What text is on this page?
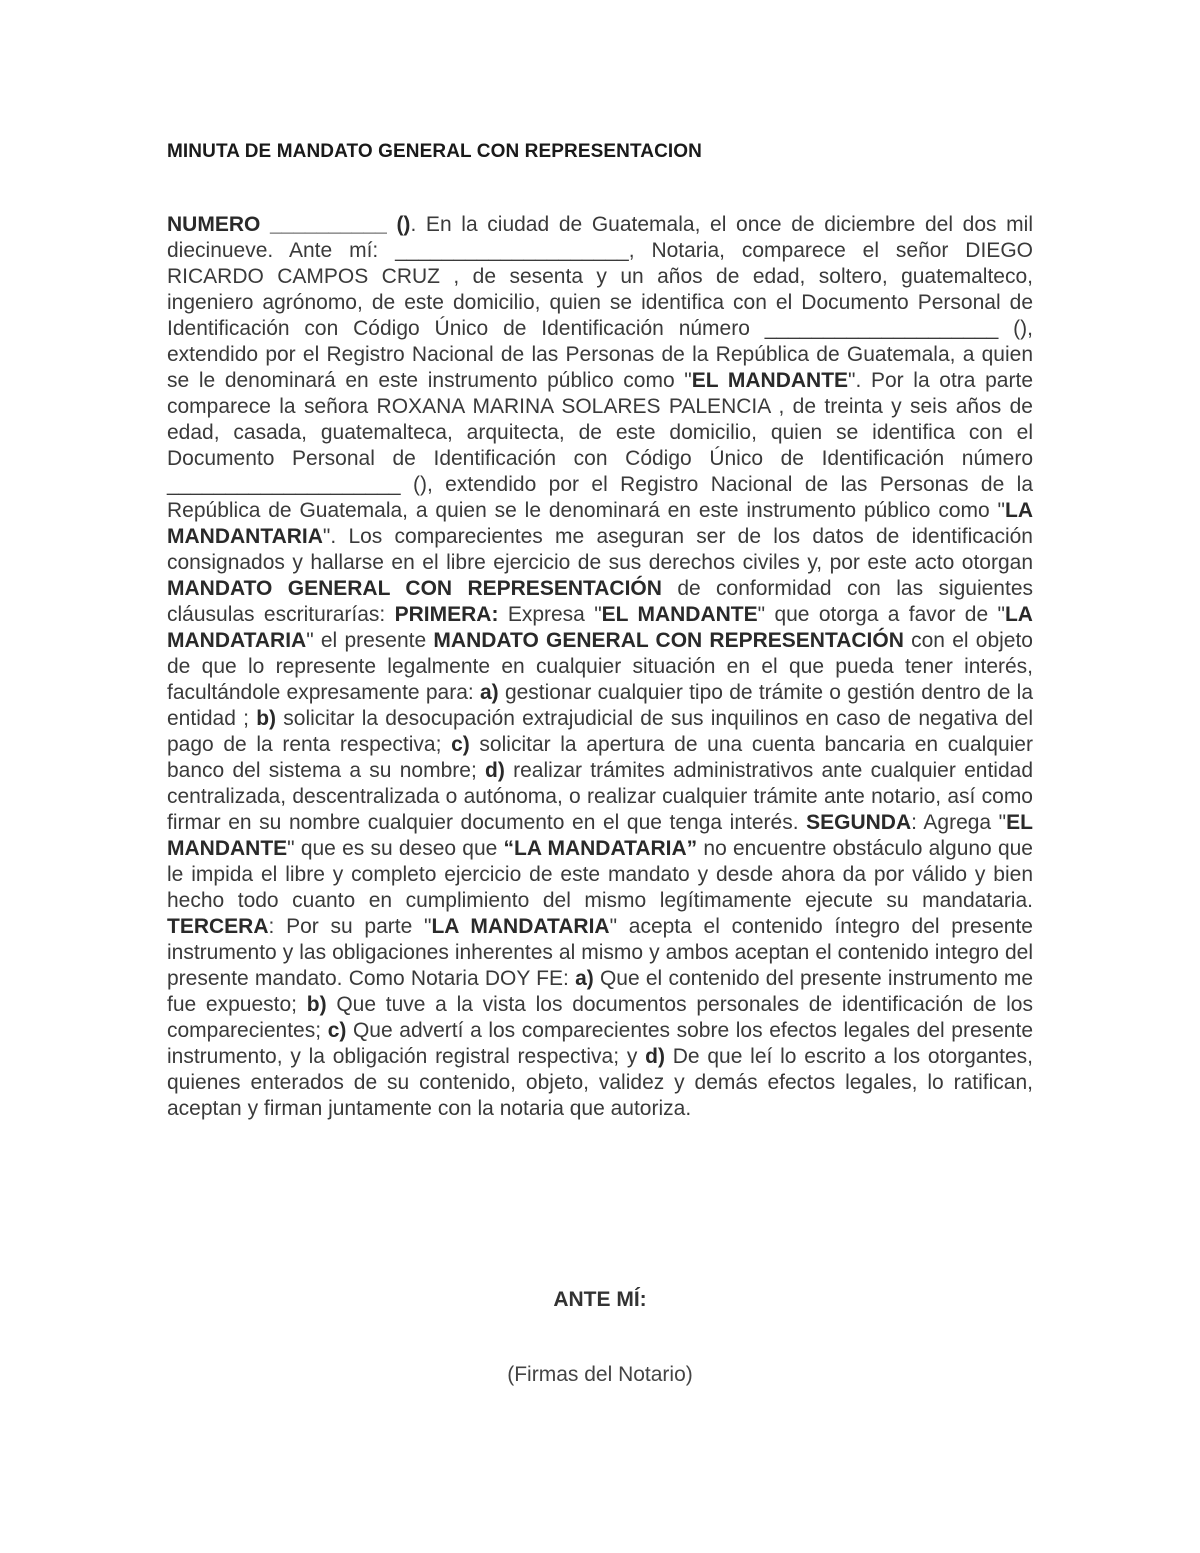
MINUTA DE MANDATO GENERAL CON REPRESENTACION

NUMERO __________ (). En la ciudad de Guatemala, el once de diciembre del dos mil diecinueve. Ante mí: ____________________, Notaria, comparece el señor DIEGO RICARDO CAMPOS CRUZ , de sesenta y un años de edad, soltero, guatemalteco, ingeniero agrónomo, de este domicilio, quien se identifica con el Documento Personal de Identificación con Código Único de Identificación número ____________________ (), extendido por el Registro Nacional de las Personas de la República de Guatemala, a quien se le denominará en este instrumento público como "EL MANDANTE". Por la otra parte comparece la señora ROXANA MARINA SOLARES PALENCIA , de treinta y seis años de edad, casada, guatemalteca, arquitecta, de este domicilio, quien se identifica con el Documento Personal de Identificación con Código Único de Identificación número ____________________ (), extendido por el Registro Nacional de las Personas de la República de Guatemala, a quien se le denominará en este instrumento público como "LA MANDANTARIA". Los comparecientes me aseguran ser de los datos de identificación consignados y hallarse en el libre ejercicio de sus derechos civiles y, por este acto otorgan MANDATO GENERAL CON REPRESENTACIÓN de conformidad con las siguientes cláusulas escriturarías: PRIMERA: Expresa "EL MANDANTE" que otorga a favor de "LA MANDATARIA" el presente MANDATO GENERAL CON REPRESENTACIÓN con el objeto de que lo represente legalmente en cualquier situación en el que pueda tener interés, facultándole expresamente para: a) gestionar cualquier tipo de trámite o gestión dentro de la entidad ; b) solicitar la desocupación extrajudicial de sus inquilinos en caso de negativa del pago de la renta respectiva; c) solicitar la apertura de una cuenta bancaria en cualquier banco del sistema a su nombre; d) realizar trámites administrativos ante cualquier entidad centralizada, descentralizada o autónoma, o realizar cualquier trámite ante notario, así como firmar en su nombre cualquier documento en el que tenga interés. SEGUNDA: Agrega "EL MANDANTE" que es su deseo que “LA MANDATARIA” no encuentre obstáculo alguno que le impida el libre y completo ejercicio de este mandato y desde ahora da por válido y bien hecho todo cuanto en cumplimiento del mismo legítimamente ejecute su mandataria. TERCERA: Por su parte "LA MANDATARIA" acepta el contenido íntegro del presente instrumento y las obligaciones inherentes al mismo y ambos aceptan el contenido integro del presente mandato. Como Notaria DOY FE: a) Que el contenido del presente instrumento me fue expuesto; b) Que tuve a la vista los documentos personales de identificación de los comparecientes; c) Que advertí a los comparecientes sobre los efectos legales del presente instrumento, y la obligación registral respectiva; y d) De que leí lo escrito a los otorgantes, quienes enterados de su contenido, objeto, validez y demás efectos legales, lo ratifican, aceptan y firman juntamente con la notaria que autoriza.

ANTE MÍ:

(Firmas del Notario)
